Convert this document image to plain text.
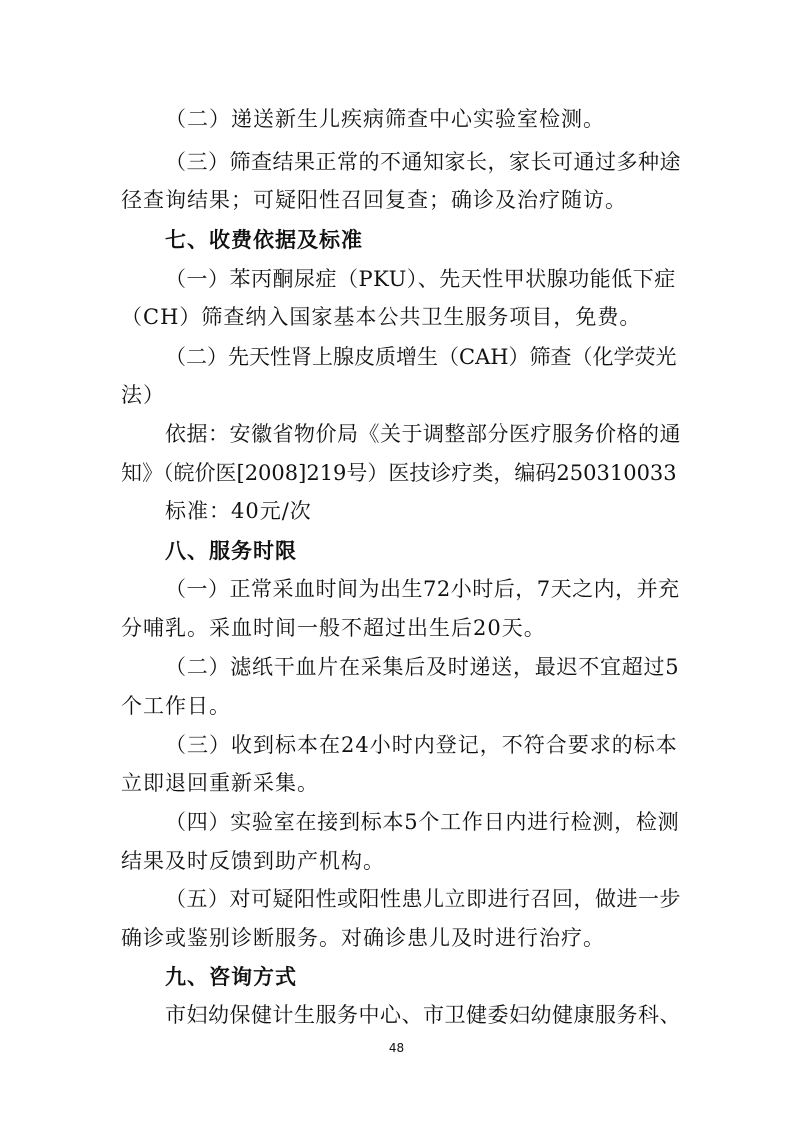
（二）递送新生儿疾病筛查中心实验室检测。
（三）筛查结果正常的不通知家长，家长可通过多种途
径查询结果；可疑阳性召回复查；确诊及治疗随访。
七、收费依据及标准
（一）苯丙酮尿症（PKU）、先天性甲状腺功能低下症
（CH）筛查纳入国家基本公共卫生服务项目，免费。
（二）先天性肾上腺皮质增生（CAH）筛查（化学荧光
法）
依据：安徽省物价局《关于调整部分医疗服务价格的通
知》（皖价医[2008]219号）医技诊疗类，编码250310033
标准：40元/次
八、服务时限
（一）正常采血时间为出生72小时后，7天之内，并充
分哺乳。采血时间一般不超过出生后20天。
（二）滤纸干血片在采集后及时递送，最迟不宜超过5
个工作日。
（三）收到标本在24小时内登记，不符合要求的标本
立即退回重新采集。
（四）实验室在接到标本5个工作日内进行检测，检测
结果及时反馈到助产机构。
（五）对可疑阳性或阳性患儿立即进行召回，做进一步
确诊或鉴别诊断服务。对确诊患儿及时进行治疗。
九、咨询方式
市妇幼保健计生服务中心、市卫健委妇幼健康服务科、
48
